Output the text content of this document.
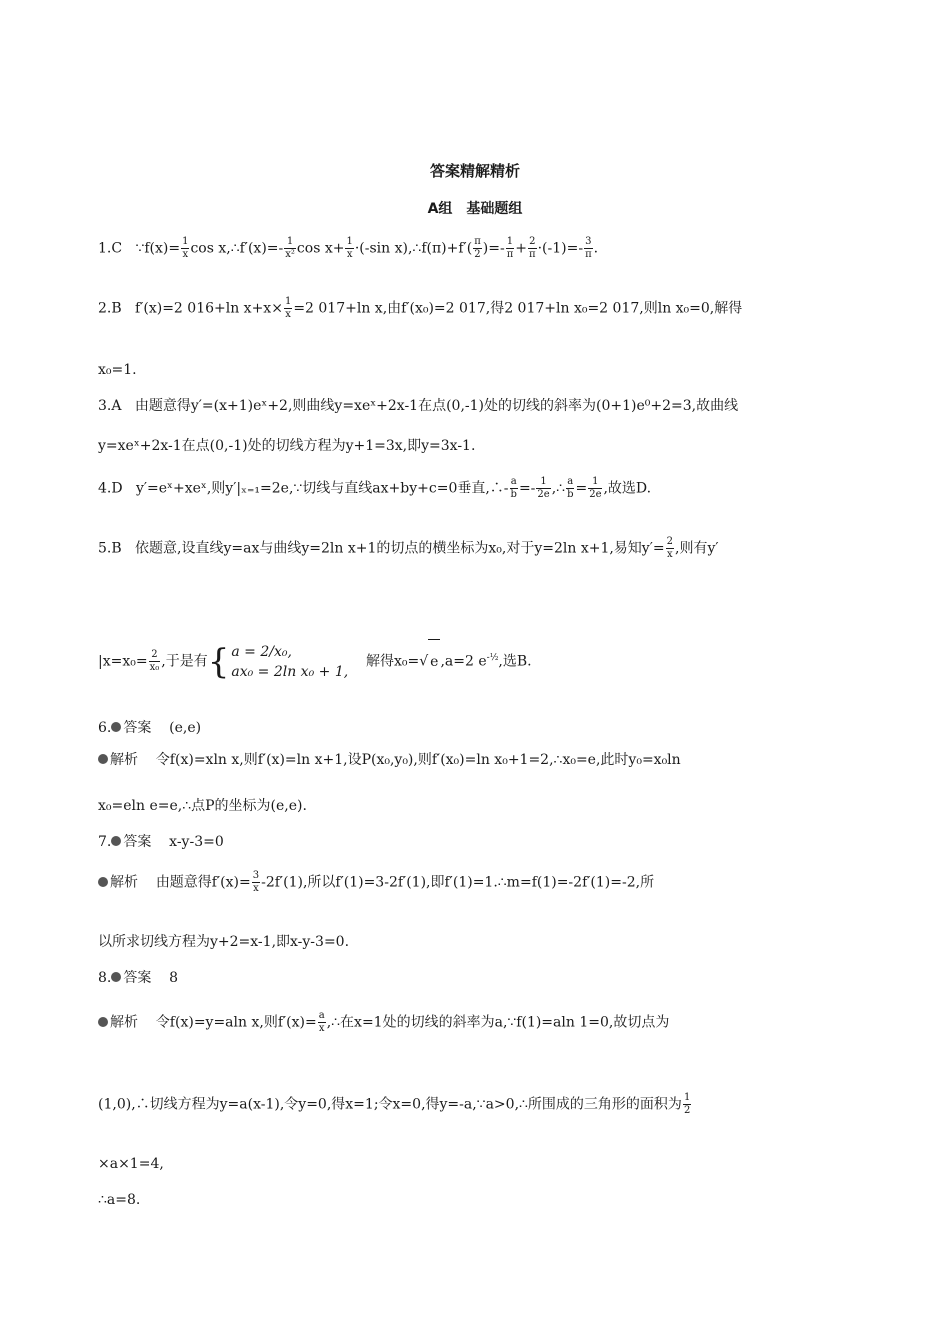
答案精解精析
A组　基础题组
1.C ∵f(x)= $\frac{1}{x}$ cos x,∴f′(x)=- $\frac{1}{\text{x²}}$ $\cos x+ \frac{1}{x} \cdot(-\sin$ x),∴f(π)+f′( $\frac{\pi}{2}$ )=- $\frac{1}{\pi} + \frac{2}{\pi} \cdot(-1)=- \frac{3}{\pi}$ .
2.B f′(x)=2 016+ln $x+x\times \frac{1}{x} =2$ 017+ln x,由f′(x₀)=2 017,得2 017+ln x₀=2 017,则ln x₀=0,解得
x₀=1.
3.A 由题意得y′=(x+1)eˣ+2,则曲线y=xeˣ+2x-1在点(0,-1)处的切线的斜率为(0+1)e⁰+2=3,故曲线
y=xeˣ+2x-1在点(0,-1)处的切线方程为y+1=3x,即y=3x-1.
4.D y′=eˣ+xeˣ,则y′|ₓ₌₁=2e,∵切线与直线ax+by+c=0垂直,∴- $\frac{a}{b} =- \frac{1}{2e}$ ,∴ $\frac{a}{b} = \frac{1}{2e}$ ,故选D.
5.B 依题意,设直线y=ax与曲线y=2ln x+1的切点的横坐标为x₀,对于y=2ln x+1,易知$y'= \frac{2}{x}$ ,则有y′
$|x=x_0= \frac{2}{\text{x₀}}$ ,于是有{ a = 2/x₀,
ax₀ = 2ln x₀ + 1,
解得x₀=√ e ,a=2 $e^{-\frac{1}{2}}$,选B.
6. 答案 (e,e)
解析 令f(x)=xln x,则f′(x)=ln x+1,设P(x₀,y₀),则f′(x₀)=ln x₀+1=2,∴x₀=e,此时y₀=x₀ln
x₀=eln e=e,∴点P的坐标为(e,e).
7. 答案 x-y-3=0
解析 由题意得$f'(x)= \frac{3}{x} -2f'(1)$,所以f′(1)=3-2f′(1),即f′(1)=1.∴m=f(1)=-2f′(1)=-2,所
以所求切线方程为y+2=x-1,即x-y-3=0.
8. 答案 8
解析 令f(x)=y=aln x,则$f'(x)= \frac{a}{x}$ ,∴在x=1处的切线的斜率为a,∵f(1)=aln 1=0,故切点为
(1,0),∴切线方程为y=a(x-1),令y=0,得x=1;令x=0,得y=-a,∵a>0,∴所围成的三角形的面积为 $\frac{1}{2}$
×a×1=4,
∴a=8.
